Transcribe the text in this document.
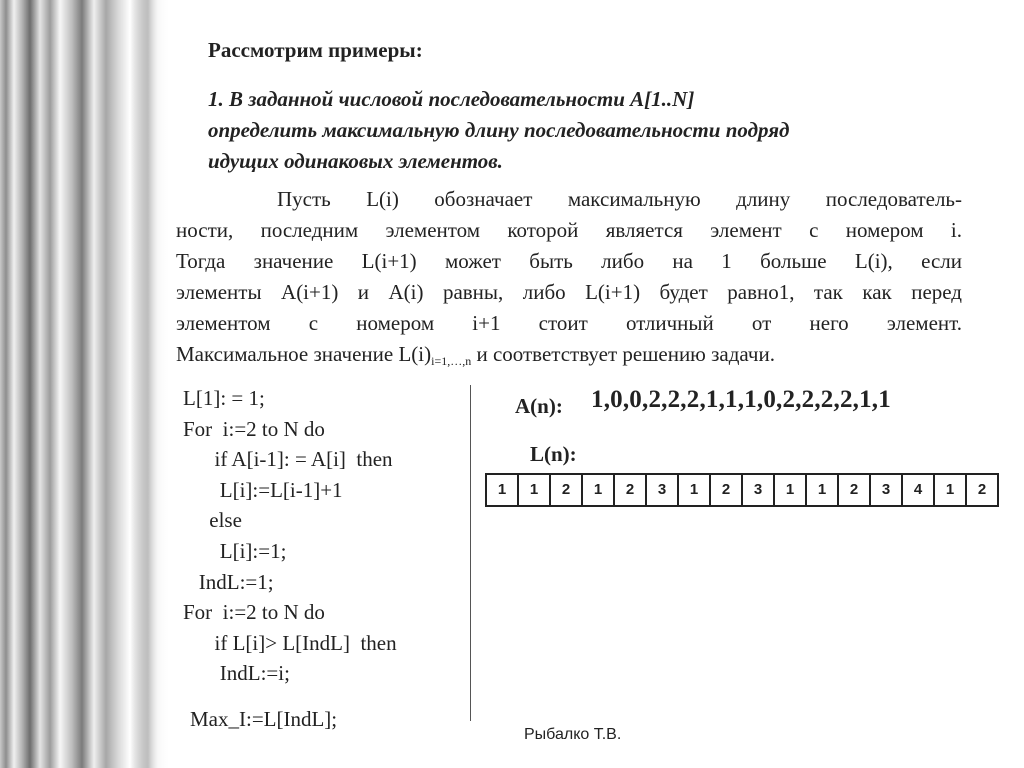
Рассмотрим примеры:
1. В заданной числовой последовательности A[1..N]
определить максимальную длину последовательности подряд
идущих одинаковых элементов.
Пусть L(i) обозначает максимальную длину последователь-
ности, последним элементом которой является элемент с номером i.
Тогда значение L(i+1) может быть либо на 1 больше L(i), если
элементы A(i+1) и A(i) равны, либо L(i+1) будет равно1, так как перед
элементом с номером i+1 стоит отличный от него элемент.
Максимальное значение $L(i)_{i=1,\dots,n}$ и соответствует решению задачи.
L[1]: = 1;
For  i:=2 to N do
if A[i-1]: = A[i]  then
L[i]:=L[i-1]+1
else
L[i]:=1;
IndL:=1;
For  i:=2 to N do
if L[i]> L[IndL]  then
IndL:=i;
Max_I:=L[IndL];
A(n): 1,0,0,2,2,2,1,1,1,0,2,2,2,2,1,1
L(n):
1	1	2	1	2	3	1	2	3	1	1	2	3	4	1	2
Рыбалко Т.В.
